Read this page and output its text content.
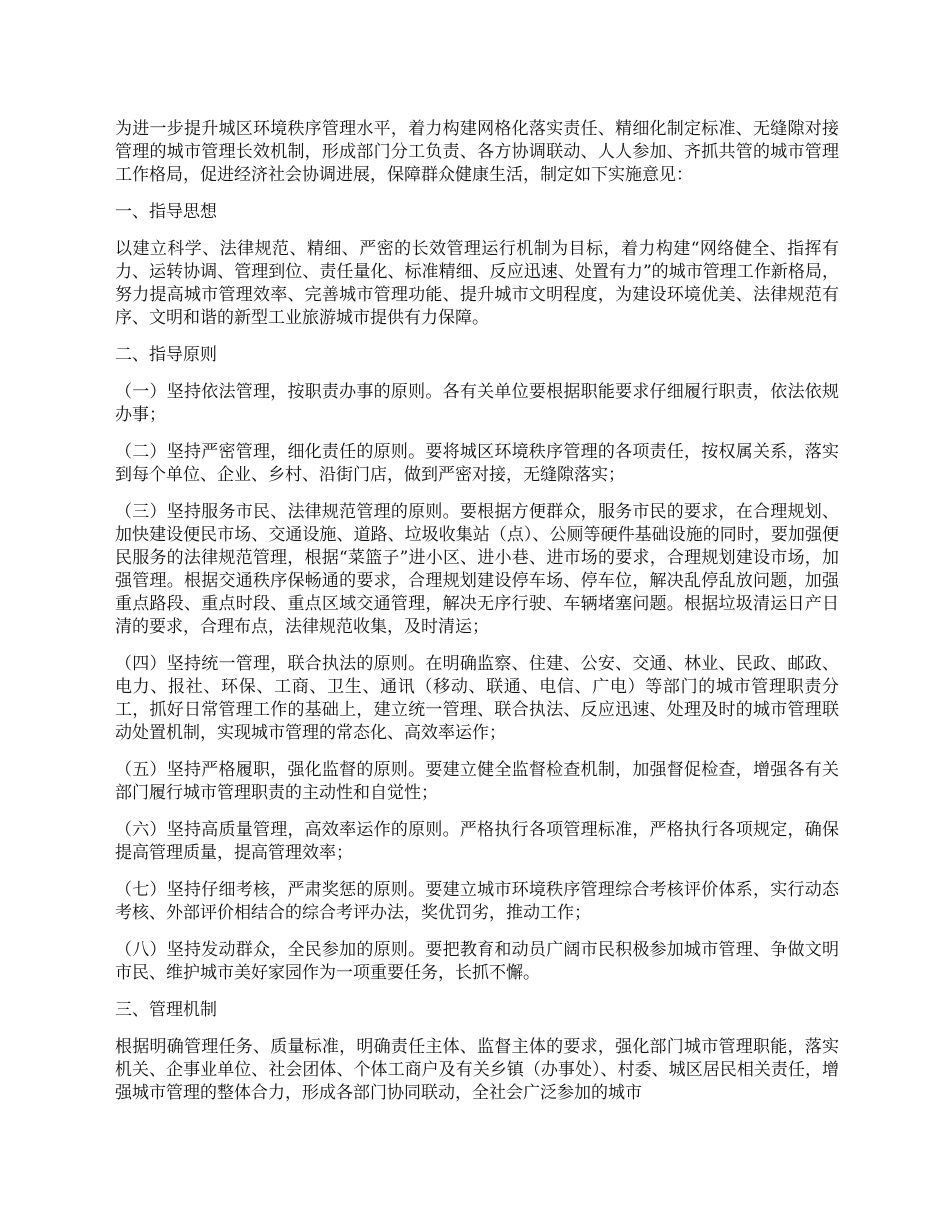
为进一步提升城区环境秩序管理水平，着力构建网格化落实责任、精细化制定标准、无缝隙对接管理的城市管理长效机制，形成部门分工负责、各方协调联动、人人参加、齐抓共管的城市管理工作格局，促进经济社会协调进展，保障群众健康生活，制定如下实施意见：

一、指导思想

以建立科学、法律规范、精细、严密的长效管理运行机制为目标，着力构建“网络健全、指挥有力、运转协调、管理到位、责任量化、标准精细、反应迅速、处置有力”的城市管理工作新格局，努力提高城市管理效率、完善城市管理功能、提升城市文明程度，为建设环境优美、法律规范有序、文明和谐的新型工业旅游城市提供有力保障。

二、指导原则

（一）坚持依法管理，按职责办事的原则。各有关单位要根据职能要求仔细履行职责，依法依规办事；

（二）坚持严密管理，细化责任的原则。要将城区环境秩序管理的各项责任，按权属关系，落实到每个单位、企业、乡村、沿街门店，做到严密对接，无缝隙落实；

（三）坚持服务市民、法律规范管理的原则。要根据方便群众，服务市民的要求，在合理规划、加快建设便民市场、交通设施、道路、垃圾收集站（点）、公厕等硬件基础设施的同时，要加强便民服务的法律规范管理，根据“菜篮子”进小区、进小巷、进市场的要求，合理规划建设市场，加强管理。根据交通秩序保畅通的要求，合理规划建设停车场、停车位，解决乱停乱放问题，加强重点路段、重点时段、重点区域交通管理，解决无序行驶、车辆堵塞问题。根据垃圾清运日产日清的要求，合理布点，法律规范收集，及时清运；

（四）坚持统一管理，联合执法的原则。在明确监察、住建、公安、交通、林业、民政、邮政、电力、报社、环保、工商、卫生、通讯（移动、联通、电信、广电）等部门的城市管理职责分工，抓好日常管理工作的基础上，建立统一管理、联合执法、反应迅速、处理及时的城市管理联动处置机制，实现城市管理的常态化、高效率运作；

（五）坚持严格履职，强化监督的原则。要建立健全监督检查机制，加强督促检查，增强各有关部门履行城市管理职责的主动性和自觉性；

（六）坚持高质量管理，高效率运作的原则。严格执行各项管理标准，严格执行各项规定，确保提高管理质量，提高管理效率；

（七）坚持仔细考核，严肃奖惩的原则。要建立城市环境秩序管理综合考核评价体系，实行动态考核、外部评价相结合的综合考评办法，奖优罚劣，推动工作；

（八）坚持发动群众，全民参加的原则。要把教育和动员广阔市民积极参加城市管理、争做文明市民、维护城市美好家园作为一项重要任务，长抓不懈。

三、管理机制

根据明确管理任务、质量标准，明确责任主体、监督主体的要求，强化部门城市管理职能，落实机关、企事业单位、社会团体、个体工商户及有关乡镇（办事处）、村委、城区居民相关责任，增强城市管理的整体合力，形成各部门协同联动，全社会广泛参加的城市
